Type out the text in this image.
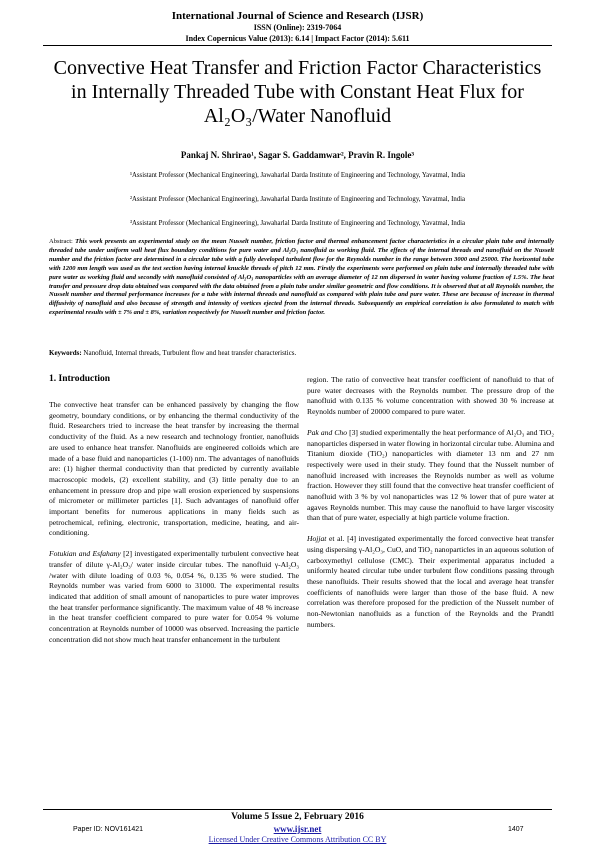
International Journal of Science and Research (IJSR)
ISSN (Online): 2319-7064
Index Copernicus Value (2013): 6.14 | Impact Factor (2014): 5.611
Convective Heat Transfer and Friction Factor Characteristics in Internally Threaded Tube with Constant Heat Flux for Al₂O₃/Water Nanofluid
Pankaj N. Shrirao¹, Sagar S. Gaddamwar², Pravin R. Ingole³
¹Assistant Professor (Mechanical Engineering), Jawaharlal Darda Institute of Engineering and Technology, Yavatmal, India
²Assistant Professor (Mechanical Engineering), Jawaharlal Darda Institute of Engineering and Technology, Yavatmal, India
³Assistant Professor (Mechanical Engineering), Jawaharlal Darda Institute of Engineering and Technology, Yavatmal, India
Abstract: This work presents an experimental study on the mean Nusselt number, friction factor and thermal enhancement factor characteristics in a circular plain tube and internally threaded tube under uniform wall heat flux boundary conditions for pure water and Al₂O₃ nanofluid as working fluid. The effects of the internal threads and nanofluid on the Nusselt number and the friction factor are determined in a circular tube with a fully developed turbulent flow for the Reynolds number in the range between 3000 and 25000. The horizontal tube with 1200 mm length was used as the test section having internal knuckle threads of pitch 12 mm. Firstly the experiments were performed on plain tube and internally threaded tube with pure water as working fluid and secondly with nanofluid consisted of Al₂O₃ nanoparticles with an average diameter of 12 nm dispersed in water having volume fraction of 1.5%. The heat transfer and pressure drop data obtained was compared with the data obtained from a plain tube under similar geometric and flow conditions. It is observed that at all Reynolds number, the Nusselt number and thermal performance increases for a tube with internal threads and nanofluid as compared with plain tube and pure water. These are because of increase in thermal diffusivity of nanofluid and also because of strength and intensity of vortices ejected from the internal threads. Subsequently an empirical correlation is also formulated to match with experimental results with ± 7% and ± 8%, variation respectively for Nusselt number and friction factor.
Keywords: Nanofluid, Internal threads, Turbulent flow and heat transfer characteristics.
1. Introduction

The convective heat transfer can be enhanced passively by changing the flow geometry, boundary conditions, or by enhancing the thermal conductivity of the fluid. Researchers tried to increase the heat transfer by increasing the thermal conductivity of the fluid. As a new research and technology frontier, nanofluids are used to enhance heat transfer. Nanofluids are engineered colloids which are made of a base fluid and nanoparticles (1-100) nm. The advantages of nanofluids are: (1) higher thermal conductivity than that predicted by currently available macroscopic models, (2) excellent stability, and (3) little penalty due to an enhancement in pressure drop and pipe wall erosion experienced by suspensions of micrometer or millimeter particles [1]. Such advantages of nanofluid offer important benefits for numerous applications in many fields such as petrochemical, refining, electronic, transportation, medicine, heating, and air- conditioning.

Fotukian and Esfahany [2] investigated experimentally turbulent convective heat transfer of dilute γ-Al₂O₃/ water inside circular tubes. The nanofluid γ-Al₂O₃ /water with dilute loading of 0.03 %, 0.054 %, 0.135 % were studied. The Reynolds number was varied from 6000 to 31000. The experimental results indicated that addition of small amount of nanoparticles to pure water improves the heat transfer performance significantly. The maximum value of 48 % increase in the heat transfer coefficient compared to pure water for 0.054 % volume concentration at Reynolds number of 10000 was observed. Increasing the particle concentration did not show much heat transfer enhancement in the turbulent

region. The ratio of convective heat transfer coefficient of nanofluid to that of pure water decreases with the Reynolds number. The pressure drop of the nanofluid with 0.135 % volume concentration with showed 30 % increase at Reynolds number of 20000 compared to pure water.

Pak and Cho [3] studied experimentally the heat performance of Al₂O₃ and TiO₂ nanoparticles dispersed in water flowing in horizontal circular tube. Alumina and Titanium dioxide (TiO₂) nanoparticles with diameter 13 nm and 27 nm respectively were used in their study. They found that the Nusselt number of nanofluid increased with increases the Reynolds number as well as volume fraction. However they still found that the convective heat transfer coefficient of nanofluid with 3 % by vol nanoparticles was 12 % lower that of pure water at agaves Reynolds number. This may cause the nanofluid to have larger viscosity than that of pure water, especially at high particle volume fraction.

Hojjat et al. [4] investigated experimentally the forced convective heat transfer using dispersing γ-Al₂O₃, CuO, and TiO₂ nanoparticles in an aqueous solution of carboxymethyl cellulose (CMC). Their experimental apparatus included a uniformly heated circular tube under turbulent flow conditions passing through these nanofluids. Their results showed that the local and average heat transfer coefficients of nanofluids were larger than those of the base fluid. A new correlation was therefore proposed for the prediction of the Nusselt number of non-Newtonian nanofluids as a function of the Reynolds and the Prandtl numbers.

Volume 5 Issue 2, February 2016
www.ijsr.net
Licensed Under Creative Commons Attribution CC BY
Paper ID: NOV161421	1407
